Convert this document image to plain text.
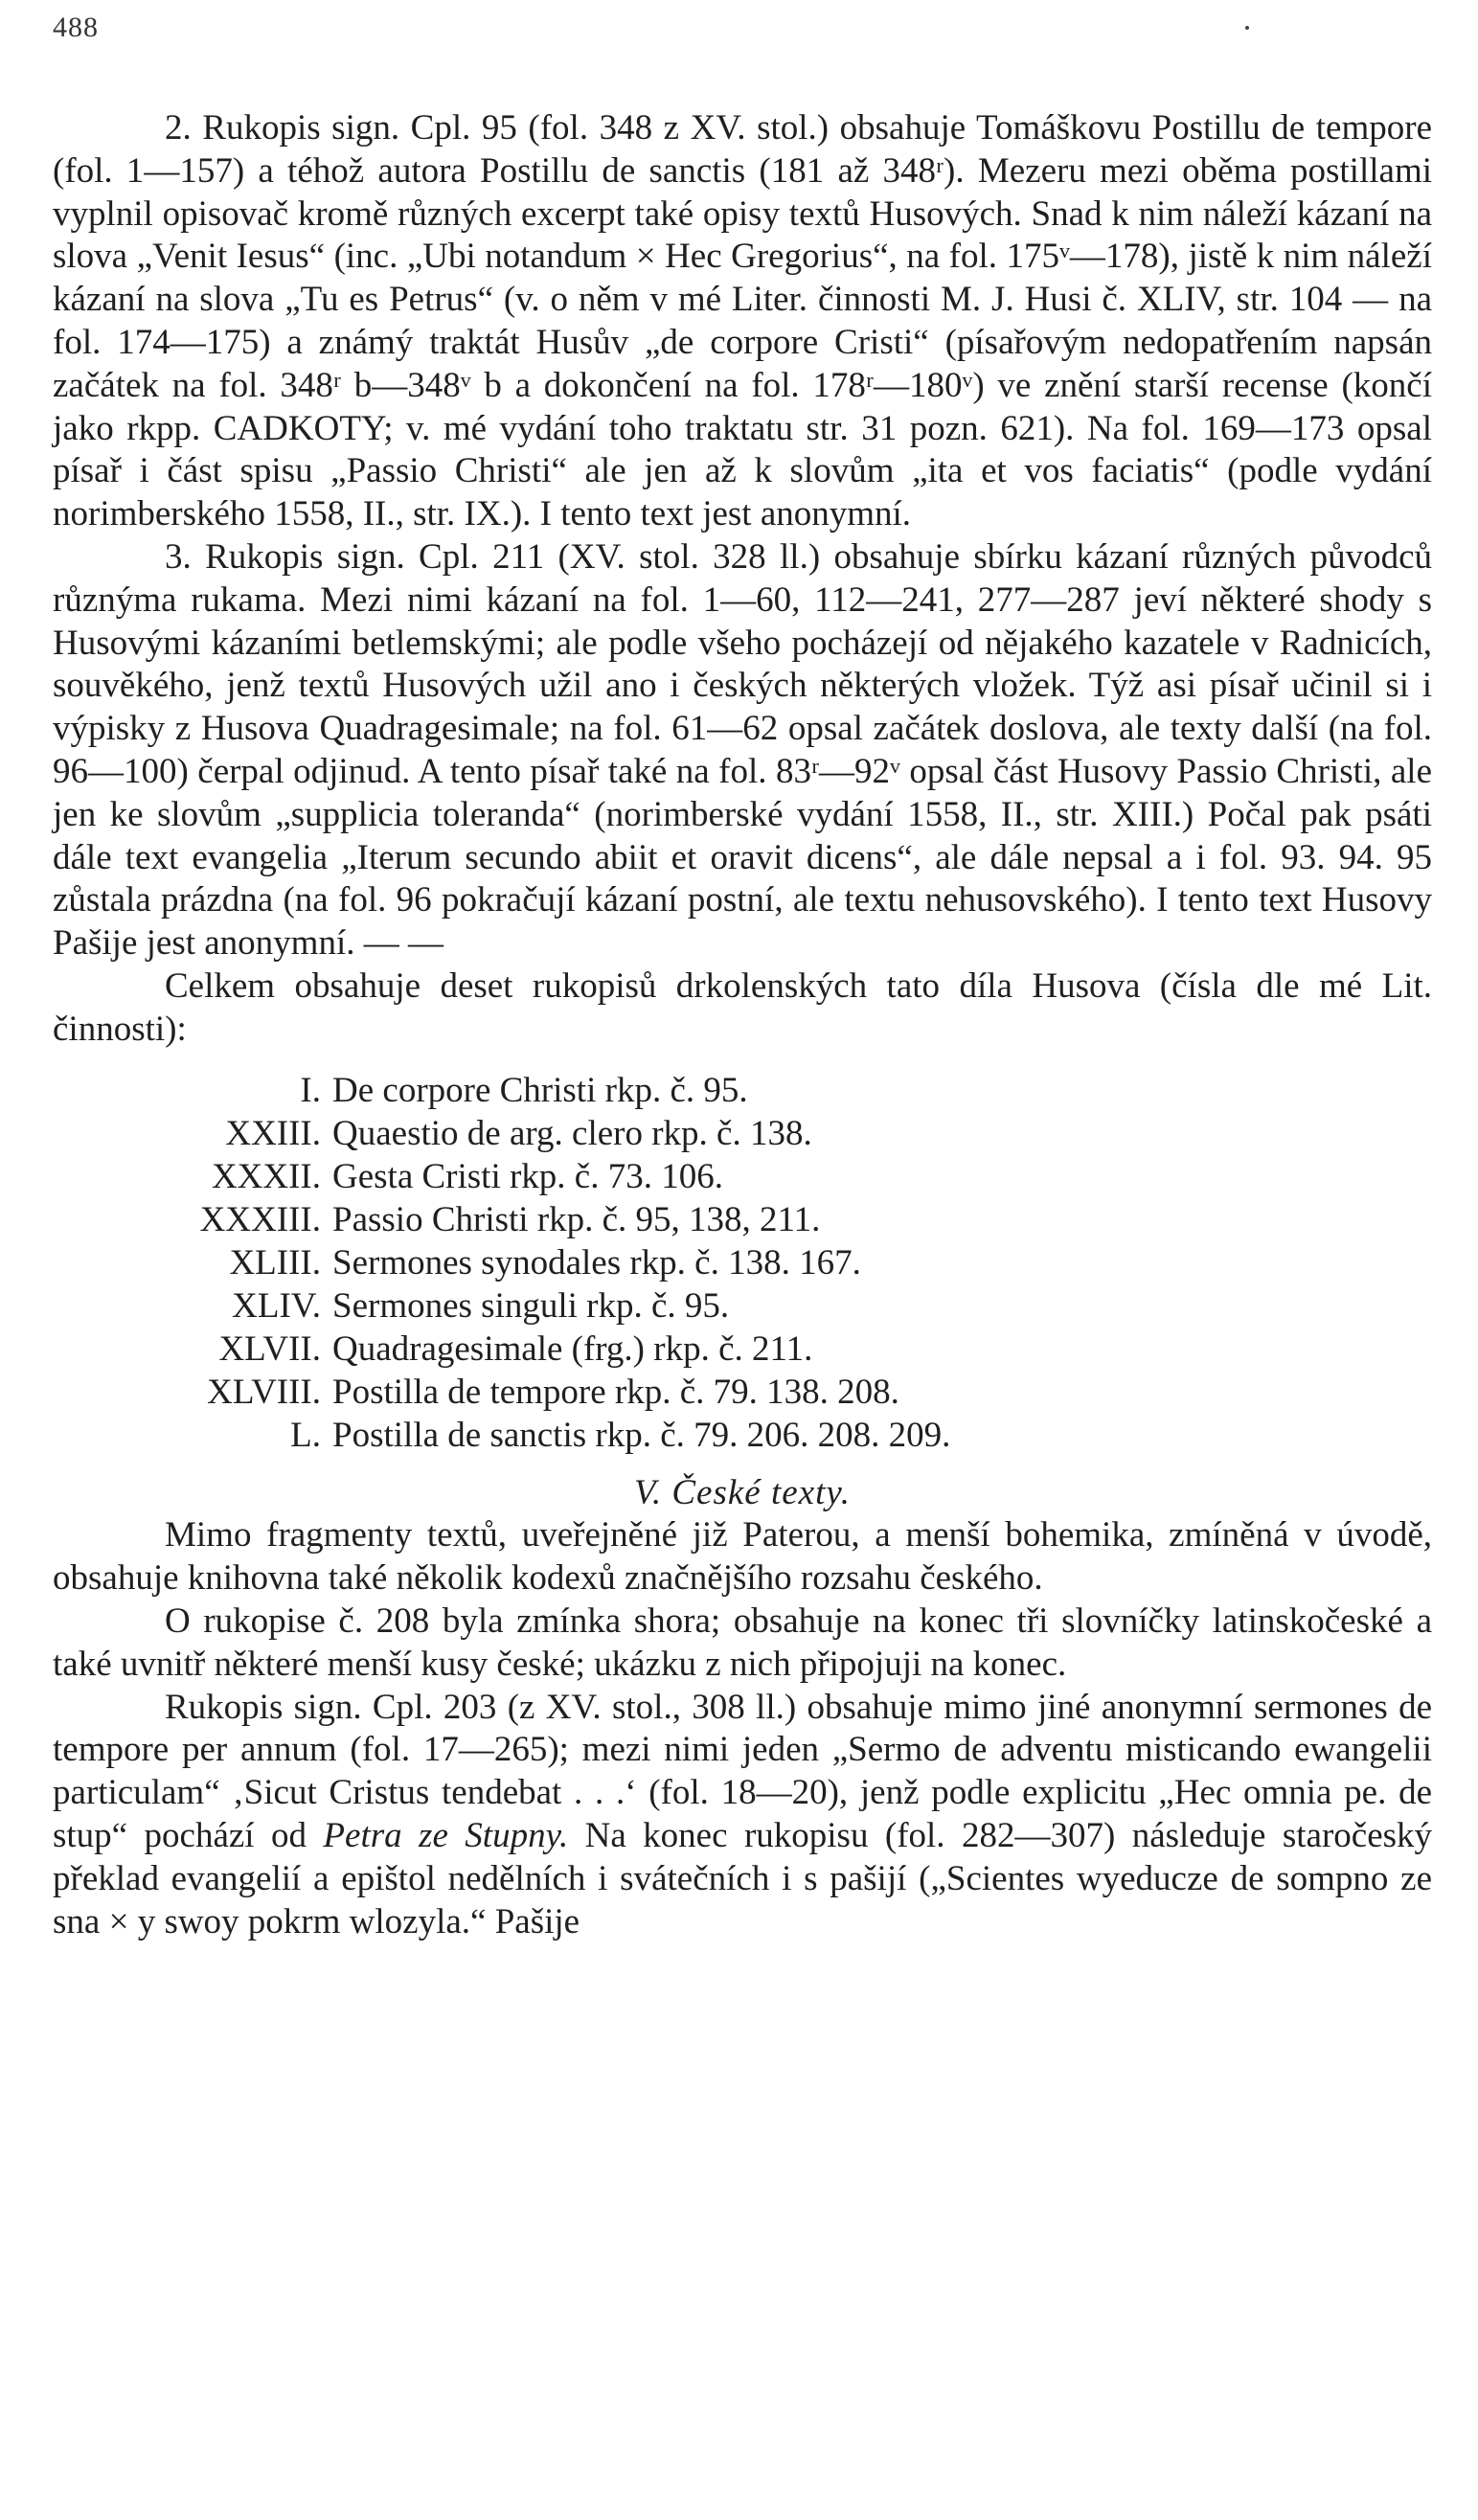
488

2. Rukopis sign. Cpl. 95 (fol. 348 z XV. stol.) obsahuje Tomáškovu Postillu de tempore (fol. 1—157) a téhož autora Postillu de sanctis (181 až 348ʳ). Mezeru mezi oběma postillami vyplnil opisovač kromě různých excerpt také opisy textů Husových. Snad k nim náleží kázaní na slova „Venit Iesus“ (inc. „Ubi notandum × Hec Gregorius“, na fol. 175ᵛ—178), jistě k nim náleží kázaní na slova „Tu es Petrus“ (v. o něm v mé Liter. činnosti M. J. Husi č. XLIV, str. 104 — na fol. 174—175) a známý traktát Husův „de corpore Cristi“ (písařovým nedopatřením napsán začátek na fol. 348ʳ b—348ᵛ b a dokončení na fol. 178ʳ—180ᵛ) ve znění starší recense (končí jako rkpp. CADKOTY; v. mé vydání toho traktatu str. 31 pozn. 621). Na fol. 169—173 opsal písař i část spisu „Passio Christi“ ale jen až k slovům „ita et vos faciatis“ (podle vydání norimberského 1558, II., str. IX.). I tento text jest anonymní.

3. Rukopis sign. Cpl. 211 (XV. stol. 328 ll.) obsahuje sbírku kázaní různých původců různýma rukama. Mezi nimi kázaní na fol. 1—60, 112—241, 277—287 jeví některé shody s Husovými kázaními betlemskými; ale podle všeho pocházejí od nějakého kazatele v Radnicích, souvěkého, jenž textů Husových užil ano i českých některých vložek. Týž asi písař učinil si i výpisky z Husova Quadragesimale; na fol. 61—62 opsal začátek doslova, ale texty další (na fol. 96—100) čerpal odjinud. A tento písař také na fol. 83ʳ—92ᵛ opsal část Husovy Passio Christi, ale jen ke slovům „supplicia toleranda“ (norimberské vydání 1558, II., str. XIII.) Počal pak psáti dále text evangelia „Iterum secundo abiit et oravit dicens“, ale dále nepsal a i fol. 93. 94. 95 zůstala prázdna (na fol. 96 pokračují kázaní postní, ale textu nehusovského). I tento text Husovy Pašije jest anonymní. — —

Celkem obsahuje deset rukopisů drkolenských tato díla Husova (čísla dle mé Lit. činnosti):

I. De corpore Christi rkp. č. 95.
XXIII. Quaestio de arg. clero rkp. č. 138.
XXXII. Gesta Cristi rkp. č. 73. 106.
XXXIII. Passio Christi rkp. č. 95, 138, 211.
XLIII. Sermones synodales rkp. č. 138. 167.
XLIV. Sermones singuli rkp. č. 95.
XLVII. Quadragesimale (frg.) rkp. č. 211.
XLVIII. Postilla de tempore rkp. č. 79. 138. 208.
L. Postilla de sanctis rkp. č. 79. 206. 208. 209.

V. České texty.

Mimo fragmenty textů, uveřejněné již Paterou, a menší bohemika, zmíněná v úvodě, obsahuje knihovna také několik kodexů značnějšího rozsahu českého.

O rukopise č. 208 byla zmínka shora; obsahuje na konec tři slovníčky latinskočeské a také uvnitř některé menší kusy české; ukázku z nich připojuji na konec.

Rukopis sign. Cpl. 203 (z XV. stol., 308 ll.) obsahuje mimo jiné anonymní sermones de tempore per annum (fol. 17—265); mezi nimi jeden „Sermo de adventu misticando ewangelii particulam“ ‚Sicut Cristus tendebat . . .‘ (fol. 18—20), jenž podle explicitu „Hec omnia pe. de stup“ pochází od Petra ze Stupny. Na konec rukopisu (fol. 282—307) následuje staročeský překlad evangelií a epištol nedělních i svátečních i s pašijí („Scientes wyeducze de sompno ze sna × y swoy pokrm wlozyla.“ Pašije
